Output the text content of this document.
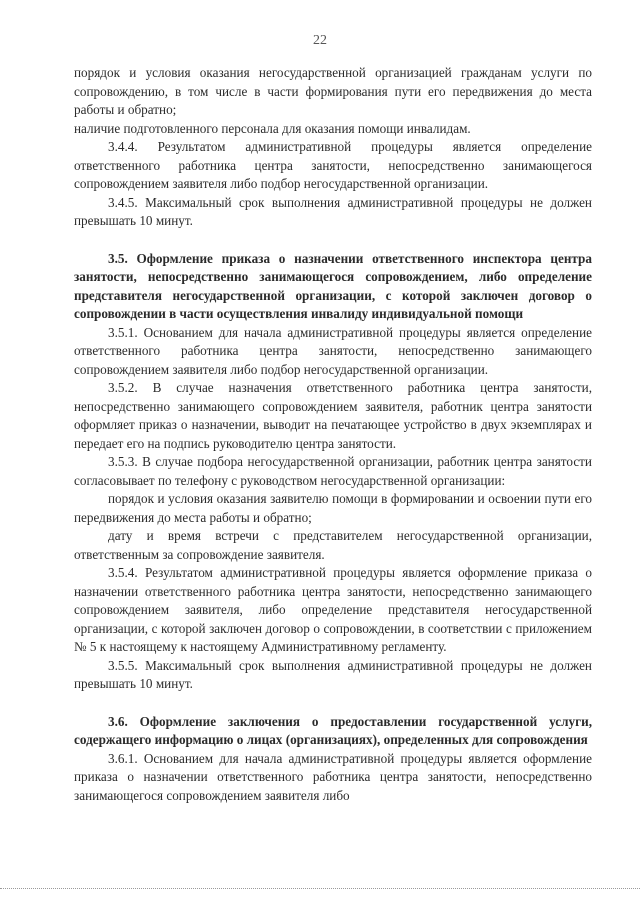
22

порядок и условия оказания негосударственной организацией гражданам услуги по сопровождению, в том числе в части формирования пути его передвижения до места работы и обратно;

наличие подготовленного персонала для оказания помощи инвалидам.

3.4.4. Результатом административной процедуры является определение ответственного работника центра занятости, непосредственно занимающегося сопровождением заявителя либо подбор негосударственной организации.

3.4.5. Максимальный срок выполнения административной процедуры не должен превышать 10 минут.

3.5. Оформление приказа о назначении ответственного инспектора центра занятости, непосредственно занимающегося сопровождением, либо определение представителя негосударственной организации, с которой заключен договор о сопровождении в части осуществления инвалиду индивидуальной помощи

3.5.1. Основанием для начала административной процедуры является определение ответственного работника центра занятости, непосредственно занимающего сопровождением заявителя либо подбор негосударственной организации.

3.5.2. В случае назначения ответственного работника центра занятости, непосредственно занимающего сопровождением заявителя, работник центра занятости оформляет приказ о назначении, выводит на печатающее устройство в двух экземплярах и передает его на подпись руководителю центра занятости.

3.5.3. В случае подбора негосударственной организации, работник центра занятости согласовывает по телефону с руководством негосударственной организации:

порядок и условия оказания заявителю помощи в формировании и освоении пути его передвижения до места работы и обратно;

дату и время встречи с представителем негосударственной организации, ответственным за сопровождение заявителя.

3.5.4. Результатом административной процедуры является оформление приказа о назначении ответственного работника центра занятости, непосредственно занимающего сопровождением заявителя, либо определение представителя негосударственной организации, с которой заключен договор о сопровождении, в соответствии с приложением № 5 к настоящему к настоящему Административному регламенту.

3.5.5. Максимальный срок выполнения административной процедуры не должен превышать 10 минут.

3.6. Оформление заключения о предоставлении государственной услуги, содержащего информацию о лицах (организациях), определенных для сопровождения

3.6.1. Основанием для начала административной процедуры является оформление приказа о назначении ответственного работника центра занятости, непосредственно занимающегося сопровождением заявителя либо
